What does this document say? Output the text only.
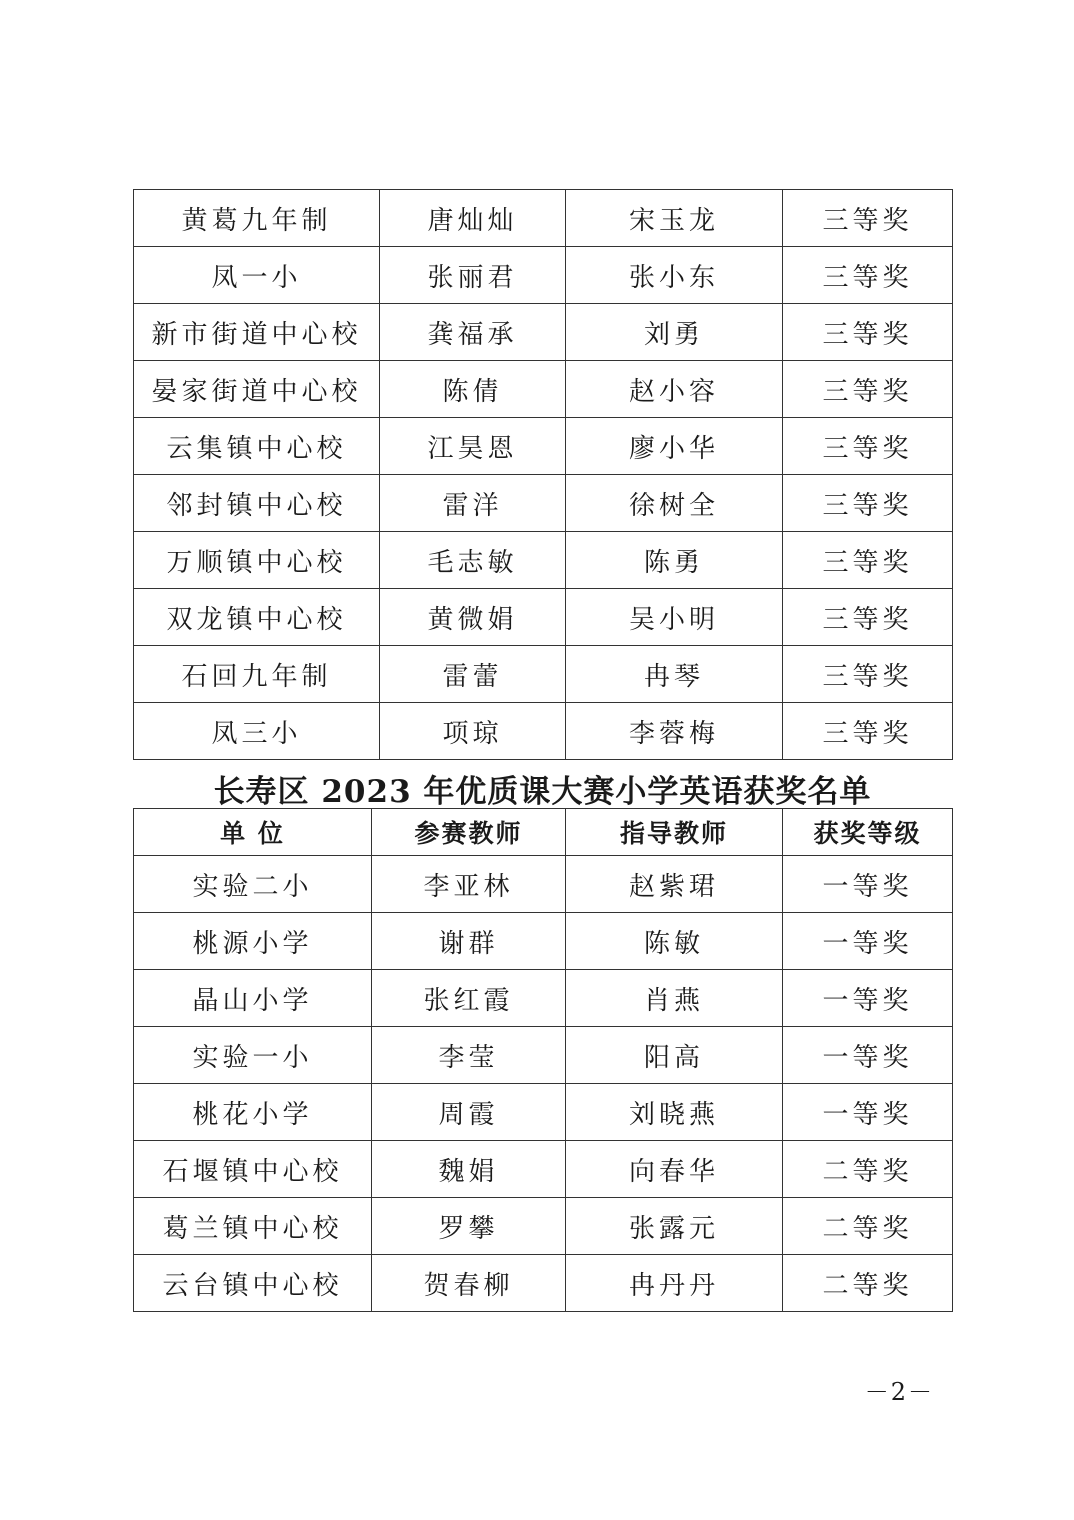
黄葛九年制	唐灿灿	宋玉龙	三等奖
凤一小	张丽君	张小东	三等奖
新市街道中心校	龚福承	刘勇	三等奖
晏家街道中心校	陈倩	赵小容	三等奖
云集镇中心校	江昊恩	廖小华	三等奖
邻封镇中心校	雷洋	徐树全	三等奖
万顺镇中心校	毛志敏	陈勇	三等奖
双龙镇中心校	黄微娟	吴小明	三等奖
石回九年制	雷蕾	冉琴	三等奖
凤三小	项琼	李蓉梅	三等奖
长寿区 2023 年优质课大赛小学英语获奖名单
单 位	参赛教师	指导教师	获奖等级
实验二小	李亚林	赵紫珺	一等奖
桃源小学	谢群	陈敏	一等奖
晶山小学	张红霞	肖燕	一等奖
实验一小	李莹	阳高	一等奖
桃花小学	周霞	刘晓燕	一等奖
石堰镇中心校	魏娟	向春华	二等奖
葛兰镇中心校	罗攀	张露元	二等奖
云台镇中心校	贺春柳	冉丹丹	二等奖
－2－
